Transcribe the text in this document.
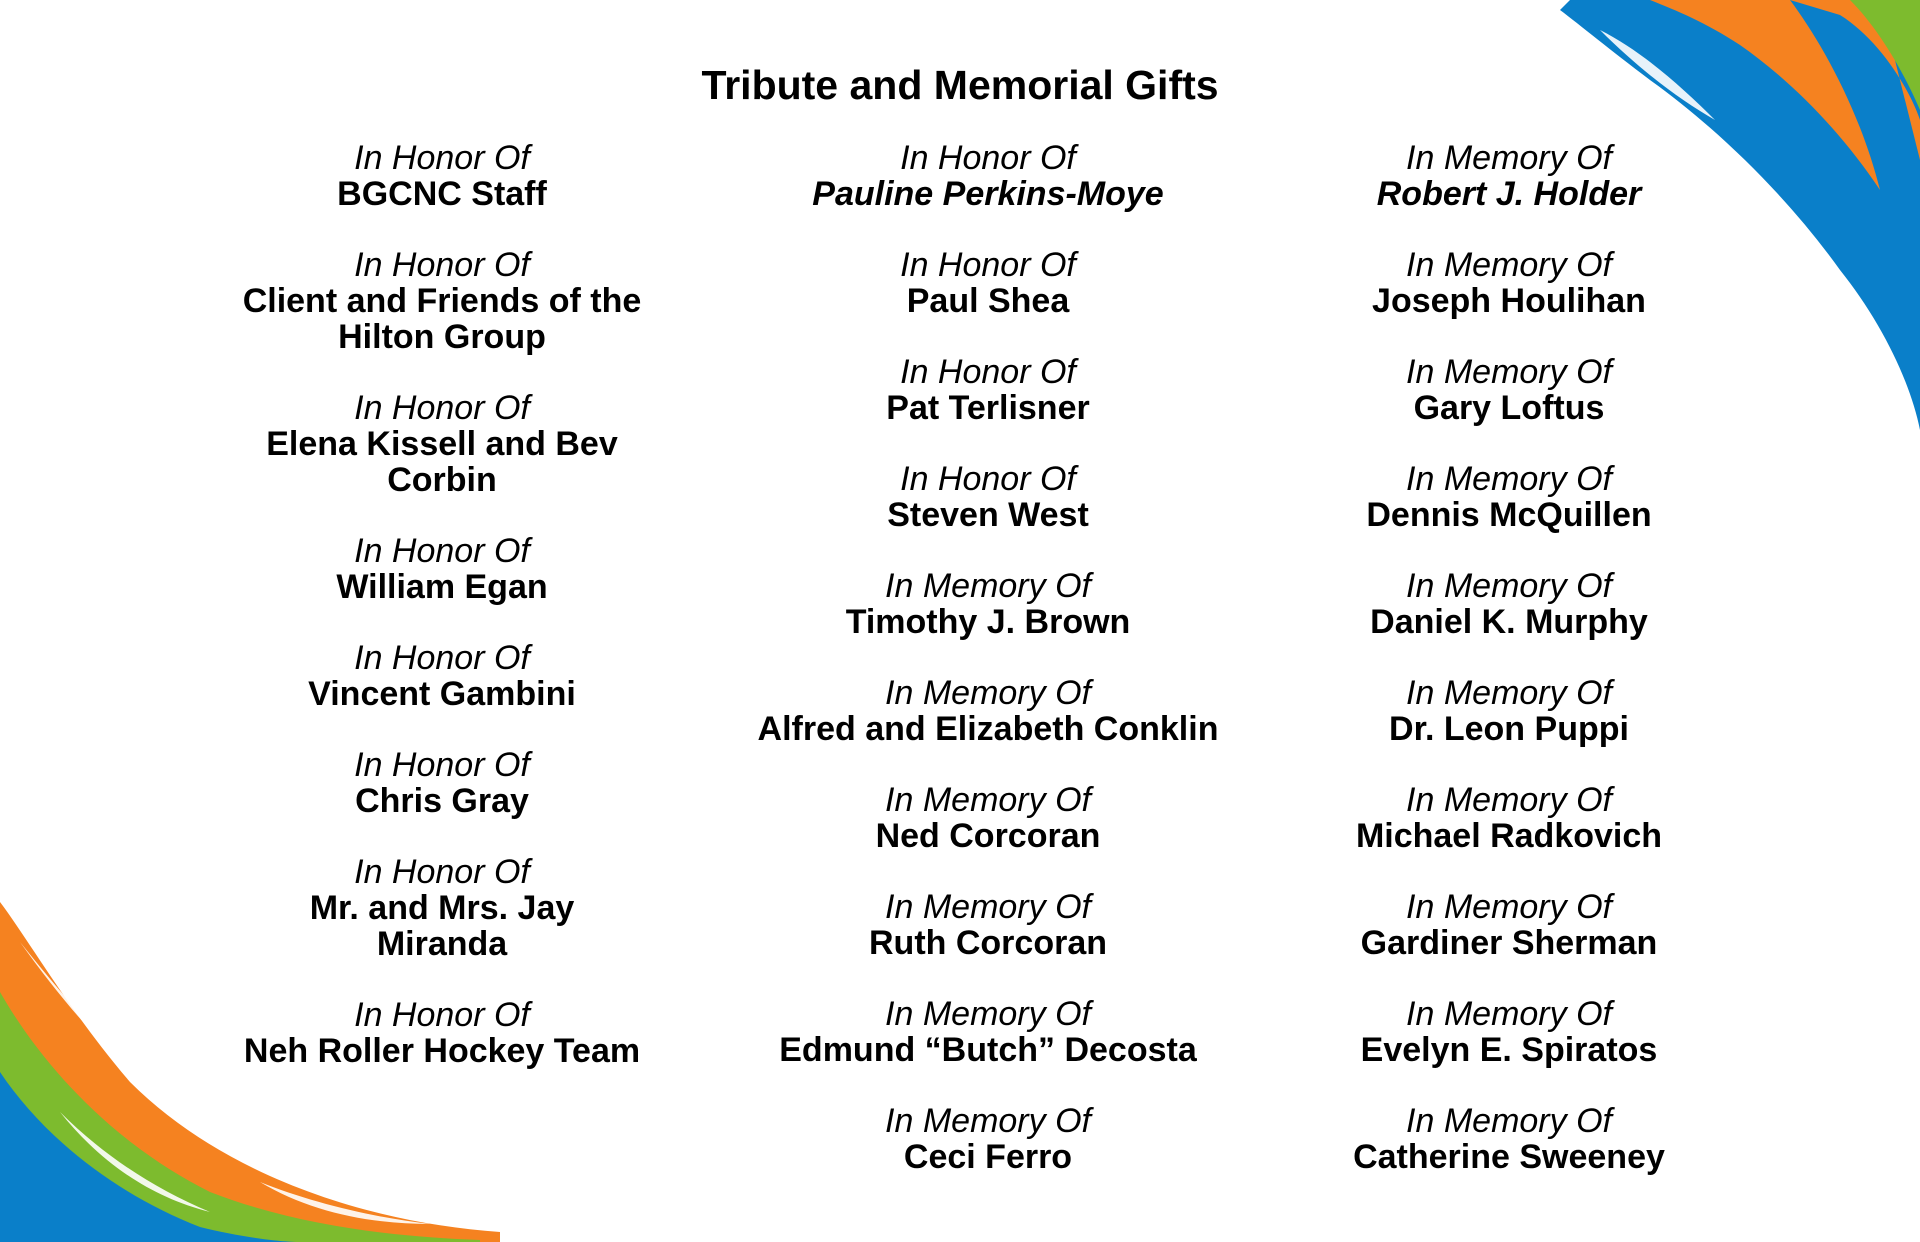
Tribute and Memorial Gifts
In Honor Of
BGCNC Staff
In Honor Of
Client and Friends of the Hilton Group
In Honor Of
Elena Kissell and Bev Corbin
In Honor Of
William Egan
In Honor Of
Vincent Gambini
In Honor Of
Chris Gray
In Honor Of
Mr. and Mrs. Jay Miranda
In Honor Of
Neh Roller Hockey Team
In Honor Of
Pauline Perkins-Moye
In Honor Of
Paul Shea
In Honor Of
Pat Terlisner
In Honor Of
Steven West
In Memory Of
Timothy J. Brown
In Memory Of
Alfred and Elizabeth Conklin
In Memory Of
Ned Corcoran
In Memory Of
Ruth Corcoran
In Memory Of
Edmund “Butch” Decosta
In Memory Of
Ceci Ferro
In Memory Of
Robert J. Holder
In Memory Of
Joseph Houlihan
In Memory Of
Gary Loftus
In Memory Of
Dennis McQuillen
In Memory Of
Daniel K. Murphy
In Memory Of
Dr. Leon Puppi
In Memory Of
Michael Radkovich
In Memory Of
Gardiner Sherman
In Memory Of
Evelyn E. Spiratos
In Memory Of
Catherine Sweeney
